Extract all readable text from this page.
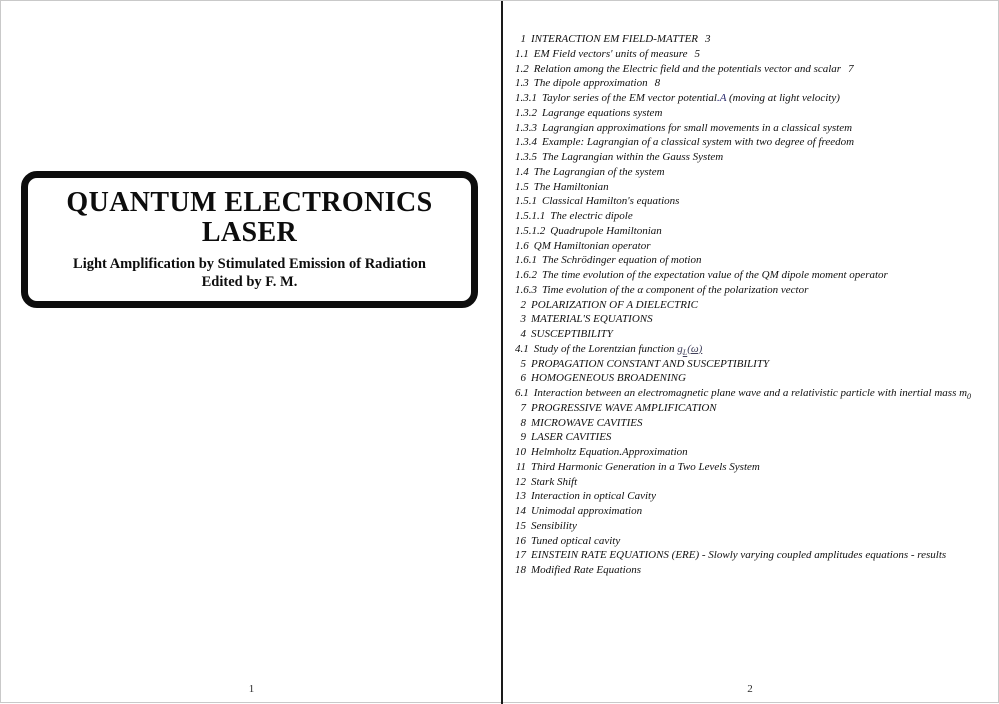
QUANTUM ELECTRONICS
LASER
Light Amplification by Stimulated Emission of Radiation
Edited by F. M.
1
1 INTERACTION EM FIELD-MATTER 3
1.1 EM Field vectors' units of measure 5
1.2 Relation among the Electric field and the potentials vector and scalar 7
1.3 The dipole approximation 8
1.3.1 Taylor series of the EM vector potential.A (moving at light velocity)
1.3.2 Lagrange equations system
1.3.3 Lagrangian approximations for small movements in a classical system
1.3.4 Example: Lagrangian of a classical system with two degree of freedom
1.3.5 The Lagrangian within the Gauss System
1.4 The Lagrangian of the system
1.5 The Hamiltonian
1.5.1 Classical Hamilton's equations
1.5.1.1 The electric dipole
1.5.1.2 Quadrupole Hamiltonian
1.6 QM Hamiltonian operator
1.6.1 The Schrödinger equation of motion
1.6.2 The time evolution of the expectation value of the QM dipole moment operator
1.6.3 Time evolution of the α component of the polarization vector
2 POLARIZATION OF A DIELECTRIC
3 MATERIAL'S EQUATIONS
4 SUSCEPTIBILITY
4.1 Study of the Lorentzian function $g_L(\omega)$
5 PROPAGATION CONSTANT AND SUSCEPTIBILITY
6 HOMOGENEOUS BROADENING
6.1 Interaction between an electromagnetic plane wave and a relativistic particle with inertial mass $m_0$
7 PROGRESSIVE WAVE AMPLIFICATION
8 MICROWAVE CAVITIES
9 LASER CAVITIES
10 Helmholtz Equation.Approximation
11 Third Harmonic Generation in a Two Levels System
12 Stark Shift
13 Interaction in optical Cavity
14 Unimodal approximation
15 Sensibility
16 Tuned optical cavity
17 EINSTEIN RATE EQUATIONS (ERE) - Slowly varying coupled amplitudes equations - results
18 Modified Rate Equations
2
